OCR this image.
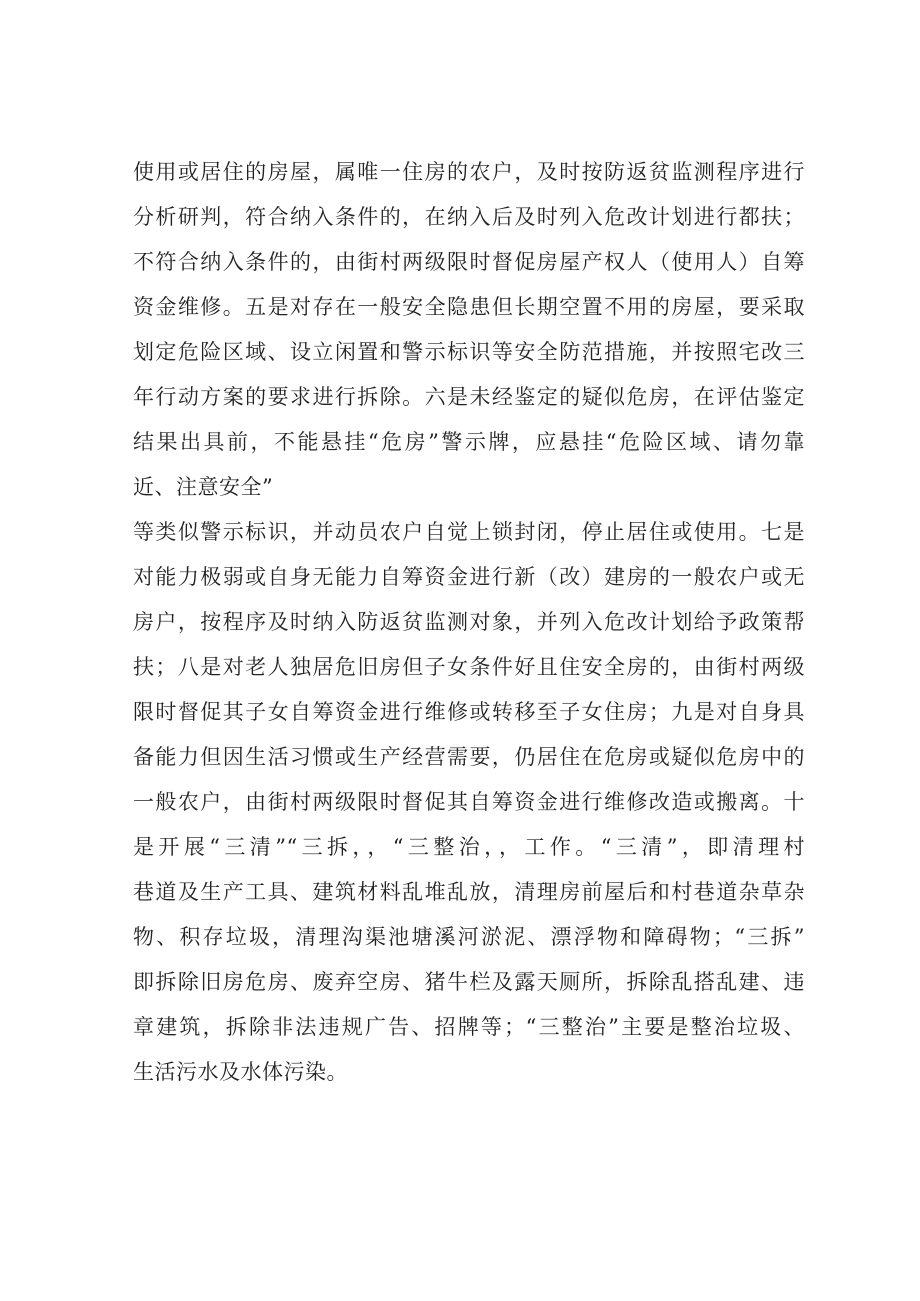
使用或居住的房屋，属唯一住房的农户，及时按防返贫监测程序进行
分析研判，符合纳入条件的，在纳入后及时列入危改计划进行都扶；
不符合纳入条件的，由街村两级限时督促房屋产权人（使用人）自筹
资金维修。五是对存在一般安全隐患但长期空置不用的房屋，要采取
划定危险区域、设立闲置和警示标识等安全防范措施，并按照宅改三
年行动方案的要求进行拆除。六是未经鉴定的疑似危房，在评估鉴定
结果出具前，不能悬挂“危房”警示牌，应悬挂“危险区域、请勿靠
近、注意安全”
等类似警示标识，并动员农户自觉上锁封闭，停止居住或使用。七是
对能力极弱或自身无能力自筹资金进行新（改）建房的一般农户或无
房户，按程序及时纳入防返贫监测对象，并列入危改计划给予政策帮
扶；八是对老人独居危旧房但子女条件好且住安全房的，由街村两级
限时督促其子女自筹资金进行维修或转移至子女住房；九是对自身具
备能力但因生活习惯或生产经营需要，仍居住在危房或疑似危房中的
一般农户，由街村两级限时督促其自筹资金进行维修改造或搬离。十
是开展“三清”“三拆，，“三整治，，工作。“三清”，即清理村
巷道及生产工具、建筑材料乱堆乱放，清理房前屋后和村巷道杂草杂
物、积存垃圾，清理沟渠池塘溪河淤泥、漂浮物和障碍物；“三拆”
即拆除旧房危房、废弃空房、猪牛栏及露天厕所，拆除乱搭乱建、违
章建筑，拆除非法违规广告、招牌等；“三整治”主要是整治垃圾、
生活污水及水体污染。
